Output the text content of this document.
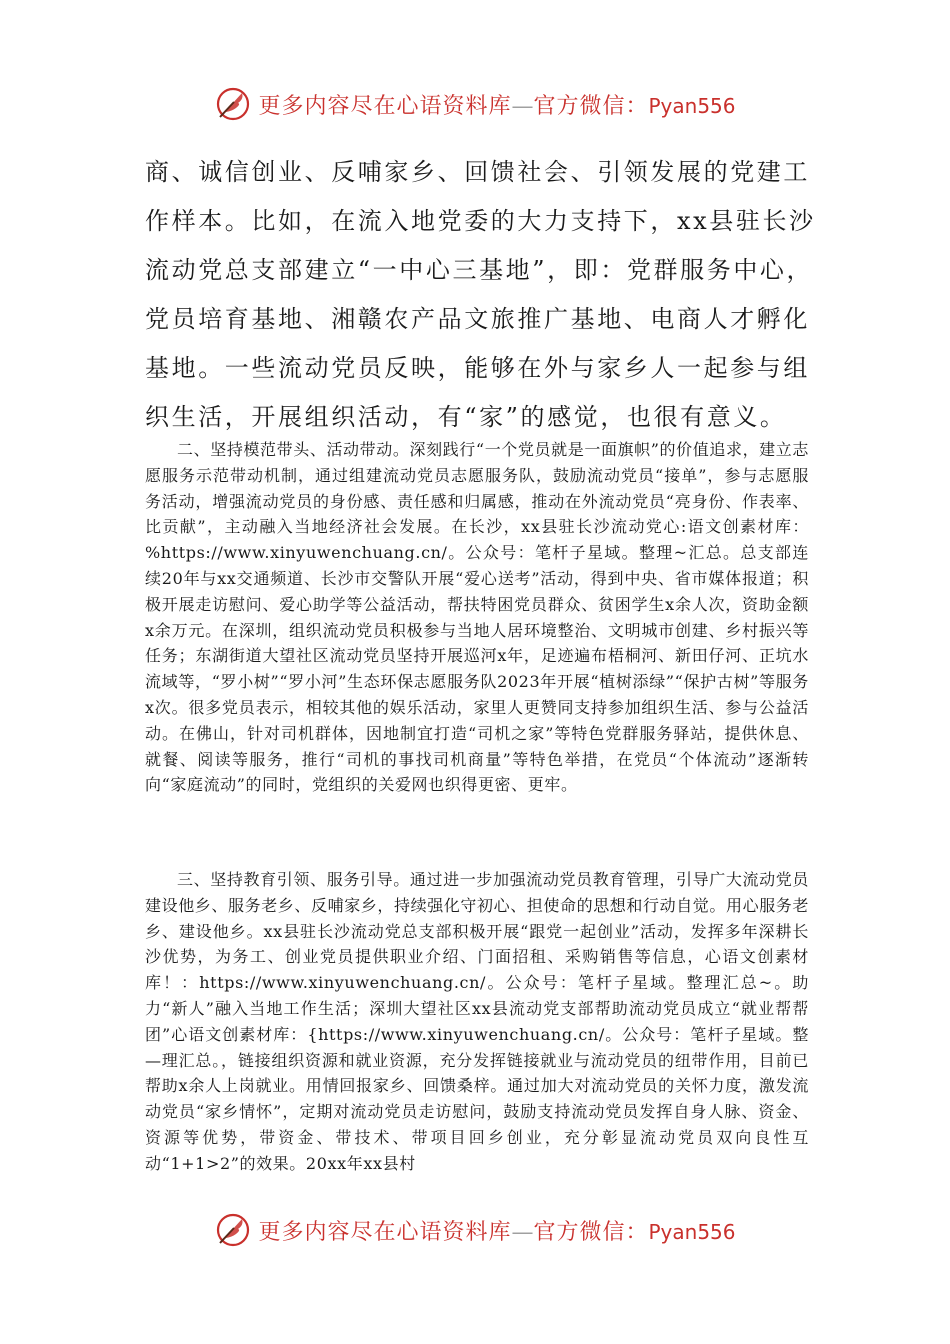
更多内容尽在心语资料库—官方微信：Pyan556
商、诚信创业、反哺家乡、回馈社会、引领发展的党建工
作样本。比如，在流入地党委的大力支持下，xx县驻长沙
流动党总支部建立“一中心三基地”，即：党群服务中心，
党员培育基地、湘赣农产品文旅推广基地、电商人才孵化
基地。一些流动党员反映，能够在外与家乡人一起参与组
织生活，开展组织活动，有“家”的感觉，也很有意义。

二、坚持模范带头、活动带动。深刻践行“一个党员就是一面旗帜”的价值追求，建立志愿服务示范带动机制，通过组建流动党员志愿服务队，鼓励流动党员“接单”，参与志愿服务活动，增强流动党员的身份感、责任感和归属感，推动在外流动党员“亮身份、作表率、比贡献”，主动融入当地经济社会发展。在长沙，xx县驻长沙流动党心:语文创素材库：%https://www.xinyuwenchuang.cn/。公众号：笔杆子星域。整理~汇总。总支部连续20年与xx交通频道、长沙市交警队开展“爱心送考”活动，得到中央、省市媒体报道；积极开展走访慰问、爱心助学等公益活动，帮扶特困党员群众、贫困学生x余人次，资助金额x余万元。在深圳，组织流动党员积极参与当地人居环境整治、文明城市创建、乡村振兴等任务；东湖街道大望社区流动党员坚持开展巡河x年，足迹遍布梧桐河、新田仔河、正坑水流域等，“罗小树”“罗小河”生态环保志愿服务队2023年开展“植树添绿”“保护古树”等服务x次。很多党员表示，相较其他的娱乐活动，家里人更赞同支持参加组织生活、参与公益活动。在佛山，针对司机群体，因地制宜打造“司机之家”等特色党群服务驿站，提供休息、就餐、阅读等服务，推行“司机的事找司机商量”等特色举措，在党员“个体流动”逐渐转向“家庭流动”的同时，党组织的关爱网也织得更密、更牢。

三、坚持教育引领、服务引导。通过进一步加强流动党员教育管理，引导广大流动党员建设他乡、服务老乡、反哺家乡，持续强化守初心、担使命的思想和行动自觉。用心服务老乡、建设他乡。xx县驻长沙流动党总支部积极开展“跟党一起创业”活动，发挥多年深耕长沙优势，为务工、创业党员提供职业介绍、门面招租、采购销售等信息，心语文创素材库！：https://www.xinyuwenchuang.cn/。公众号：笔杆子星域。整理汇总~。助力“新人”融入当地工作生活；深圳大望社区xx县流动党支部帮助流动党员成立“就业帮帮团”心语文创素材库：{https://www.xinyuwenchuang.cn/。公众号：笔杆子星域。整—理汇总。，链接组织资源和就业资源，充分发挥链接就业与流动党员的纽带作用，目前已帮助x余人上岗就业。用情回报家乡、回馈桑梓。通过加大对流动党员的关怀力度，激发流动党员“家乡情怀”，定期对流动党员走访慰问，鼓励支持流动党员发挥自身人脉、资金、资源等优势，带资金、带技术、带项目回乡创业，充分彰显流动党员双向良性互动“1+1>2”的效果。20xx年xx县村

更多内容尽在心语资料库—官方微信：Pyan556
